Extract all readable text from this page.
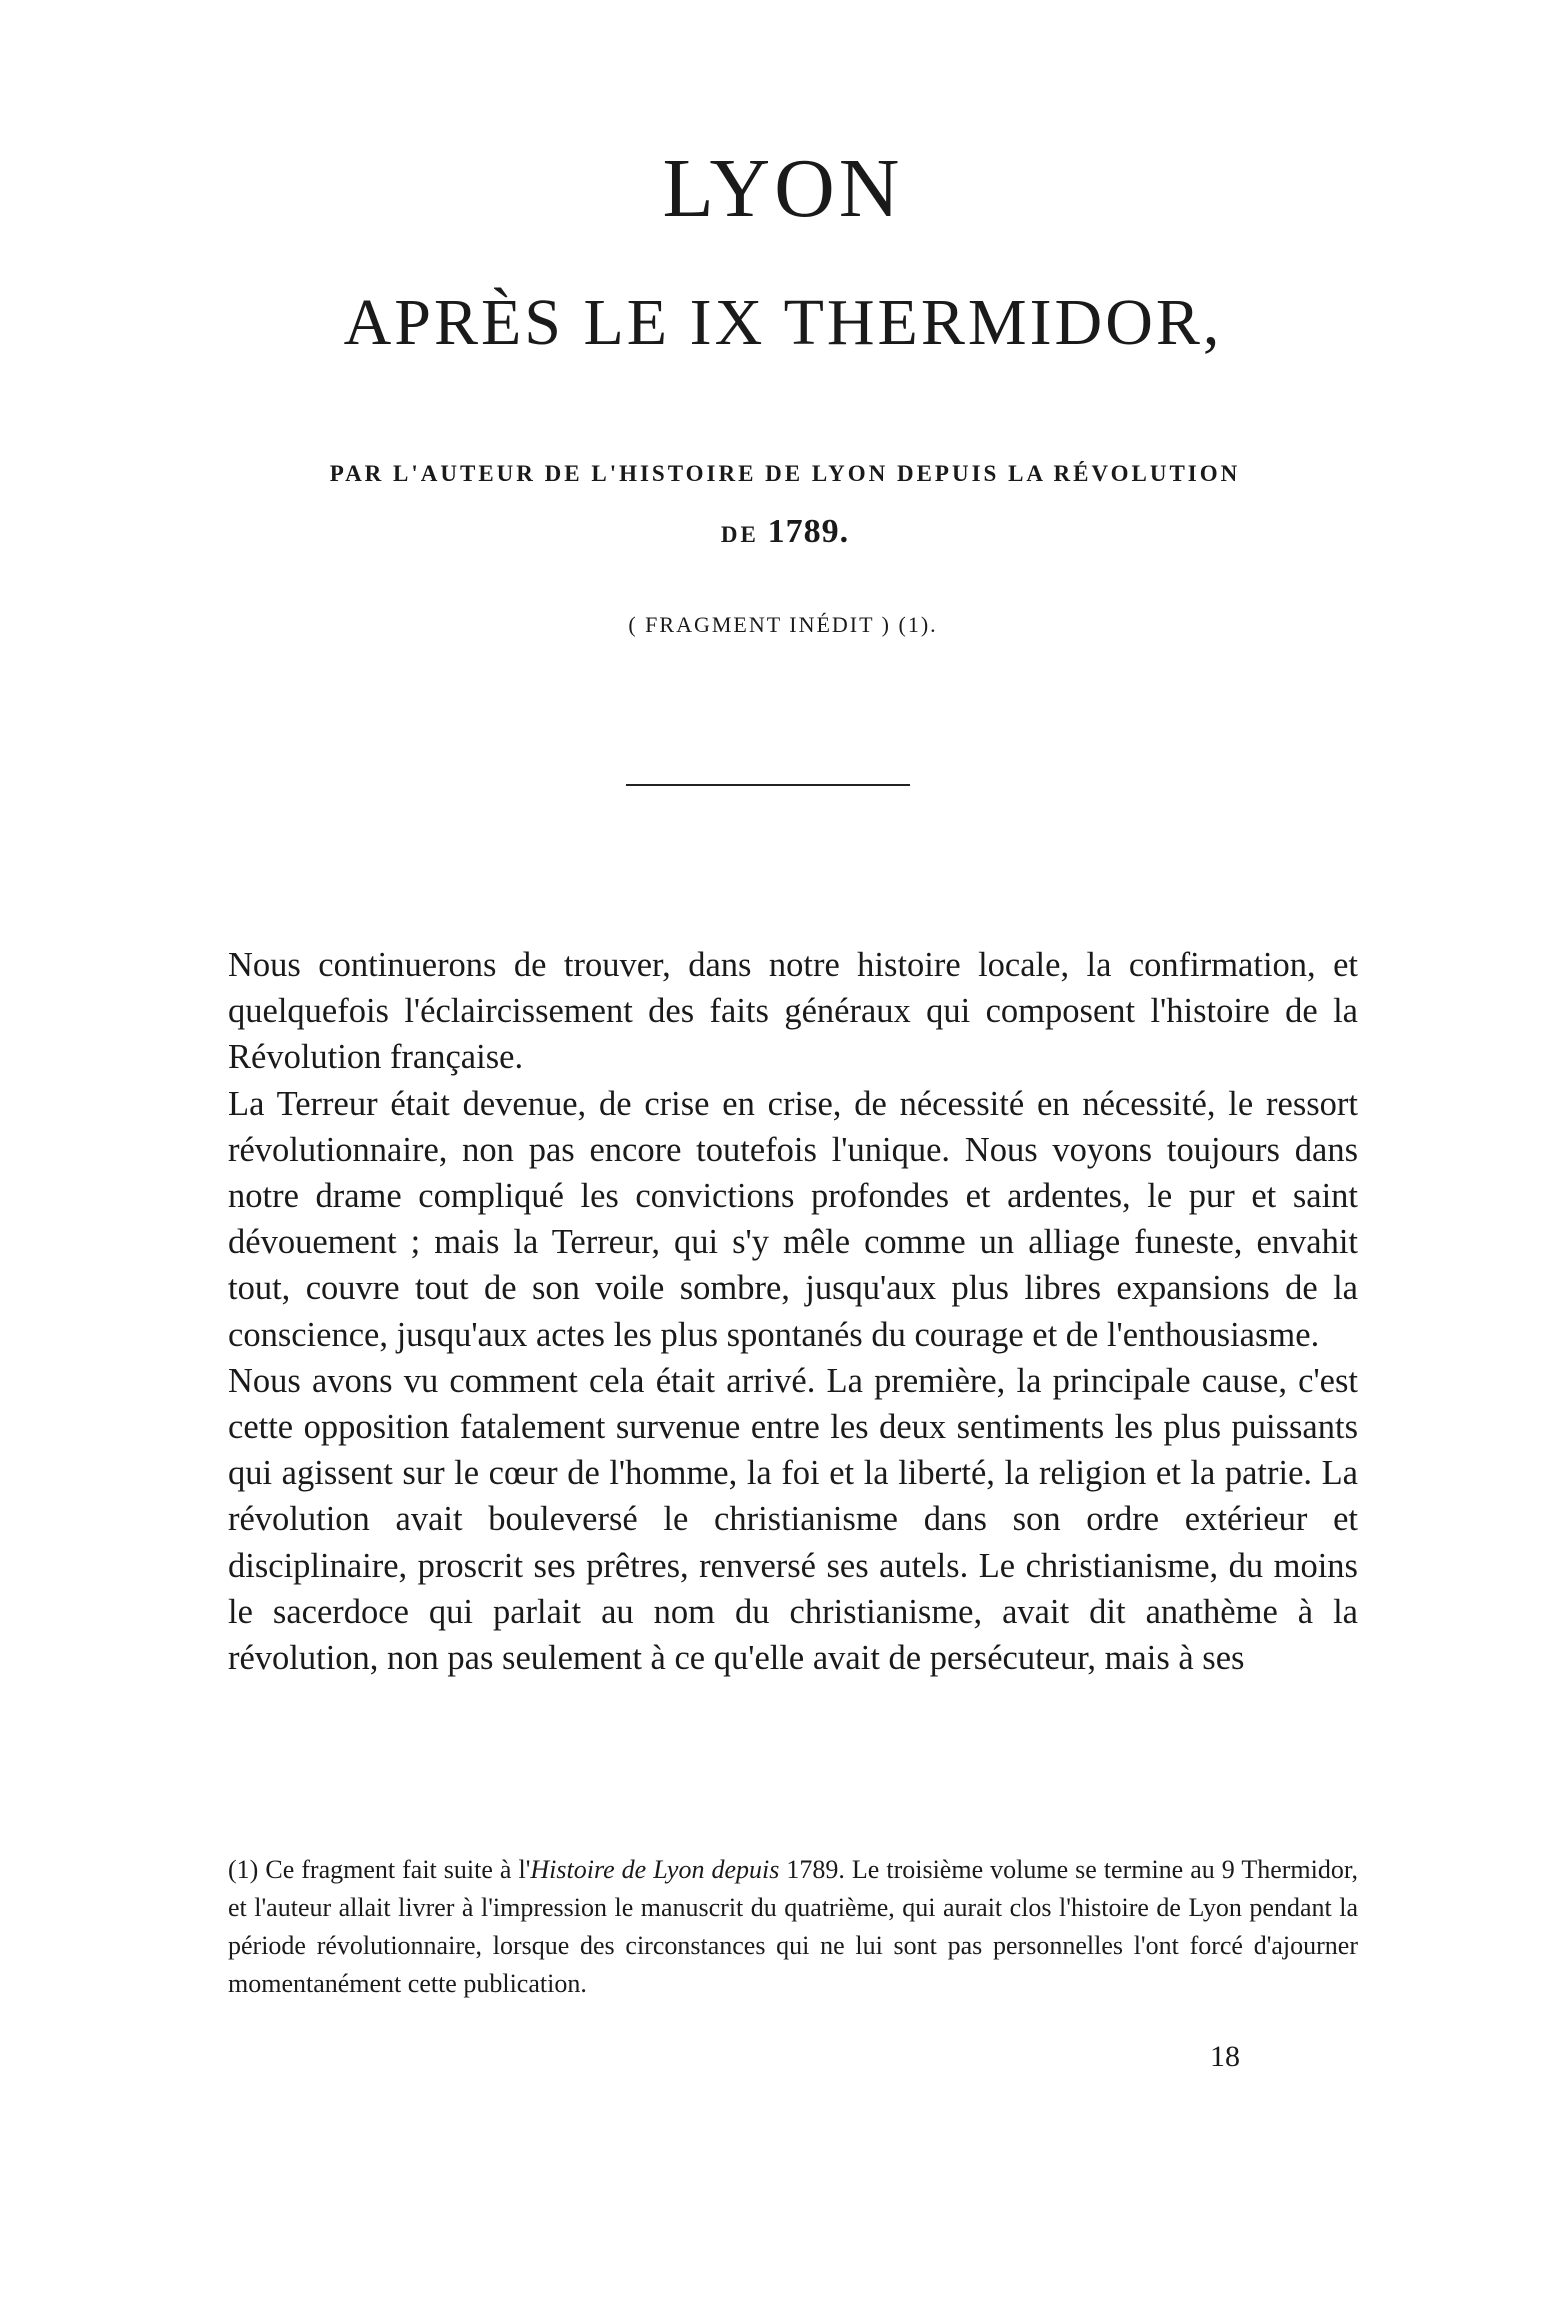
LYON
APRÈS LE IX THERMIDOR,
PAR L'AUTEUR DE L'HISTOIRE DE LYON DEPUIS LA RÉVOLUTION
DE 1789.
( FRAGMENT INÉDIT ) (1).

Nous continuerons de trouver, dans notre histoire locale, la confirmation, et quelquefois l'éclaircissement des faits généraux qui composent l'histoire de la Révolution française.

La Terreur était devenue, de crise en crise, de nécessité en nécessité, le ressort révolutionnaire, non pas encore toutefois l'unique. Nous voyons toujours dans notre drame compliqué les convictions profondes et ardentes, le pur et saint dévouement ; mais la Terreur, qui s'y mêle comme un alliage funeste, envahit tout, couvre tout de son voile sombre, jusqu'aux plus libres expansions de la conscience, jusqu'aux actes les plus spontanés du courage et de l'enthousiasme.

Nous avons vu comment cela était arrivé. La première, la principale cause, c'est cette opposition fatalement survenue entre les deux sentiments les plus puissants qui agissent sur le cœur de l'homme, la foi et la liberté, la religion et la patrie. La révolution avait bouleversé le christianisme dans son ordre extérieur et disciplinaire, proscrit ses prêtres, renversé ses autels. Le christianisme, du moins le sacerdoce qui parlait au nom du christianisme, avait dit anathème à la révolution, non pas seulement à ce qu'elle avait de persécuteur, mais à ses

(1) Ce fragment fait suite à l'Histoire de Lyon depuis 1789. Le troisième volume se termine au 9 Thermidor, et l'auteur allait livrer à l'impression le manuscrit du quatrième, qui aurait clos l'histoire de Lyon pendant la période révolutionnaire, lorsque des circonstances qui ne lui sont pas personnelles l'ont forcé d'ajourner momentanément cette publication.
18
